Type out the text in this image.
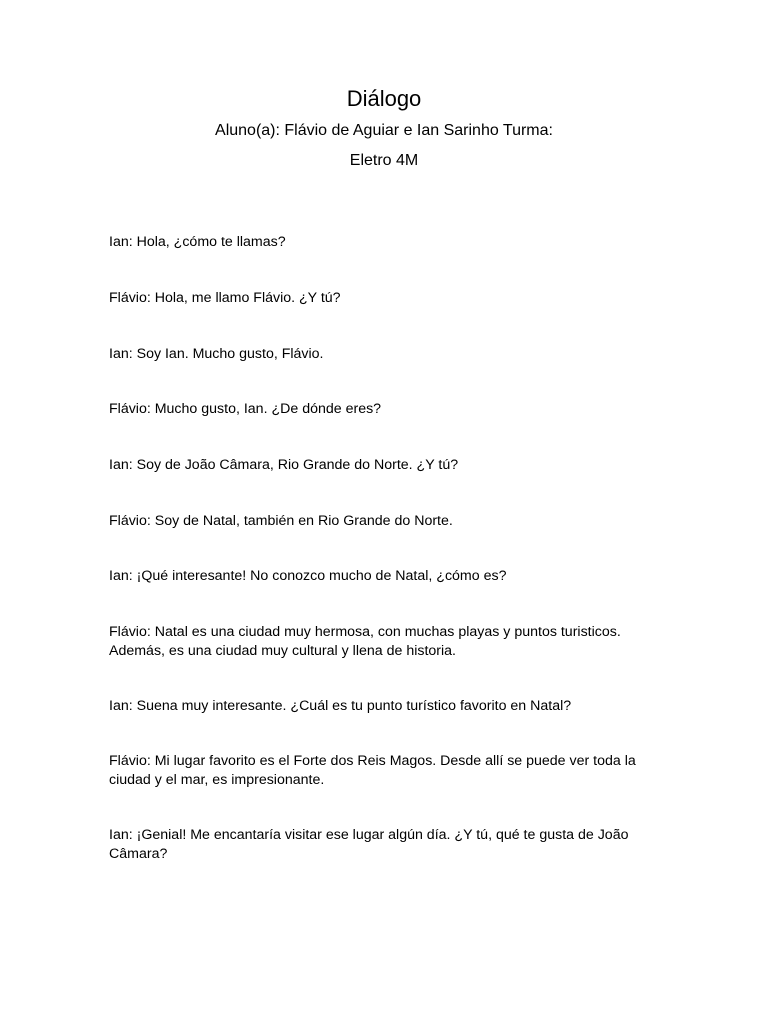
Diálogo

Aluno(a): Flávio de Aguiar e Ian Sarinho Turma:

Eletro 4M

Ian: Hola, ¿cómo te llamas?

Flávio: Hola, me llamo Flávio. ¿Y tú?

Ian: Soy Ian. Mucho gusto, Flávio.

Flávio: Mucho gusto, Ian. ¿De dónde eres?

Ian: Soy de João Câmara, Rio Grande do Norte. ¿Y tú?

Flávio: Soy de Natal, también en Rio Grande do Norte.

Ian: ¡Qué interesante! No conozco mucho de Natal, ¿cómo es?

Flávio: Natal es una ciudad muy hermosa, con muchas playas y puntos turisticos. Además, es una ciudad muy cultural y llena de historia.

Ian: Suena muy interesante. ¿Cuál es tu punto turístico favorito en Natal?

Flávio: Mi lugar favorito es el Forte dos Reis Magos. Desde allí se puede ver toda la ciudad y el mar, es impresionante.

Ian: ¡Genial! Me encantaría visitar ese lugar algún día. ¿Y tú, qué te gusta de João Câmara?
